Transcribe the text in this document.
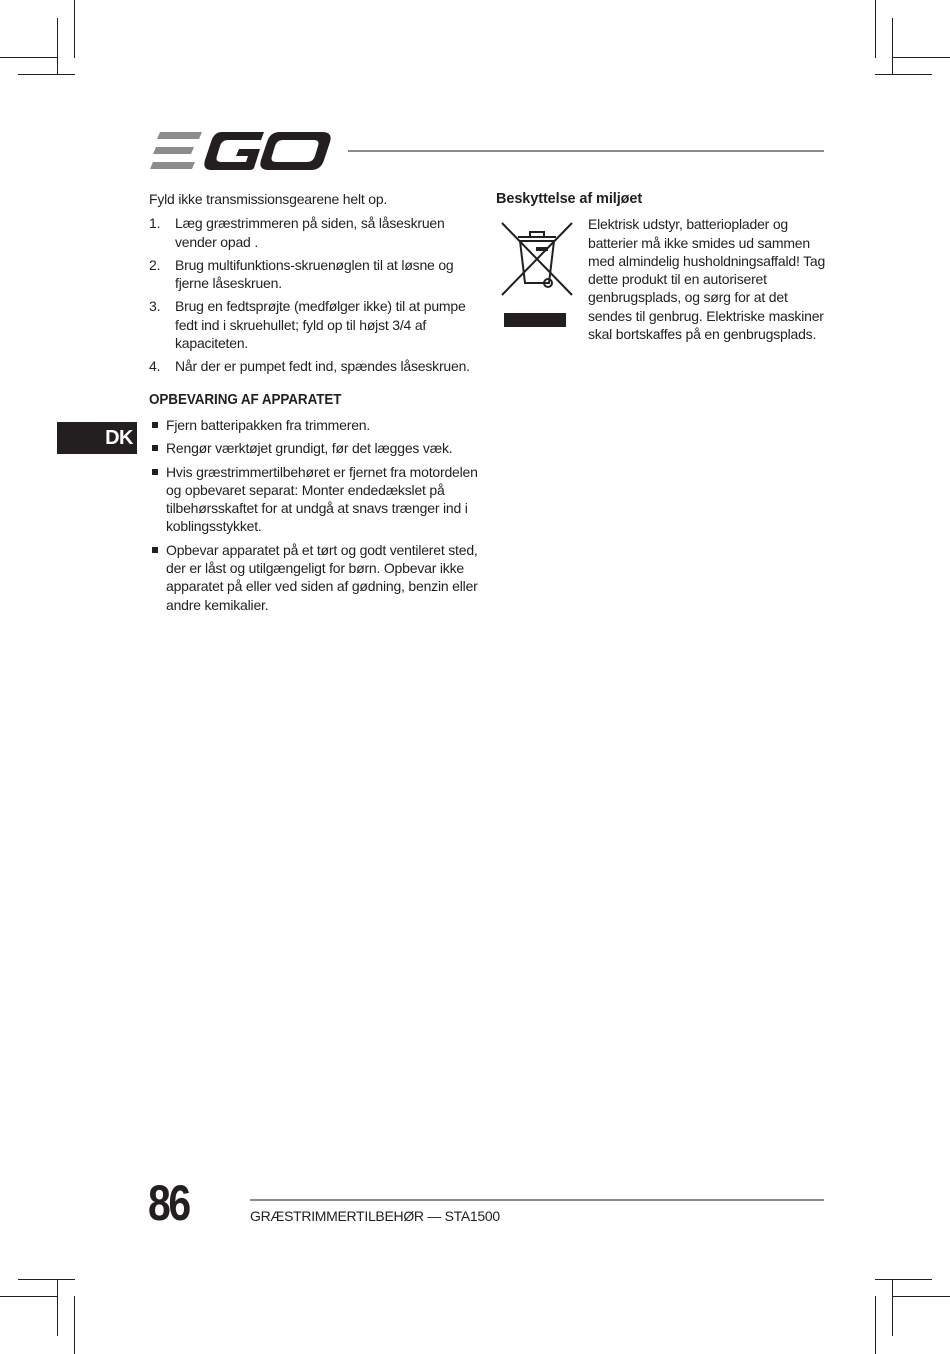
DK

Fyld ikke transmissionsgearene helt op.

1. Læg græstrimmeren på siden, så låseskruen vender opad .
2. Brug multifunktions-skruenøglen til at løsne og fjerne låseskruen.
3. Brug en fedtsprøjte (medfølger ikke) til at pumpe fedt ind i skruehullet; fyld op til højst 3/4 af kapaciteten.
4. Når der er pumpet fedt ind, spændes låseskruen.
OPBEVARING AF APPARATET
Fjern batteripakken fra trimmeren.
Rengør værktøjet grundigt, før det lægges væk.
Hvis græstrimmertilbehøret er fjernet fra motordelen og opbevaret separat: Monter endedækslet på tilbehørsskaftet for at undgå at snavs trænger ind i koblingsstykket.
Opbevar apparatet på et tørt og godt ventileret sted, der er låst og utilgængeligt for børn. Opbevar ikke apparatet på eller ved siden af gødning, benzin eller andre kemikalier.
Beskyttelse af miljøet

Elektrisk udstyr, batterioplader og batterier må ikke smides ud sammen med almindelig husholdningsaffald! Tag dette produkt til en autoriseret genbrugsplads, og sørg for at det sendes til genbrug. Elektriske maskiner skal bortskaffes på en genbrugsplads.

86	GRÆSTRIMMERTILBEHØR — STA1500
